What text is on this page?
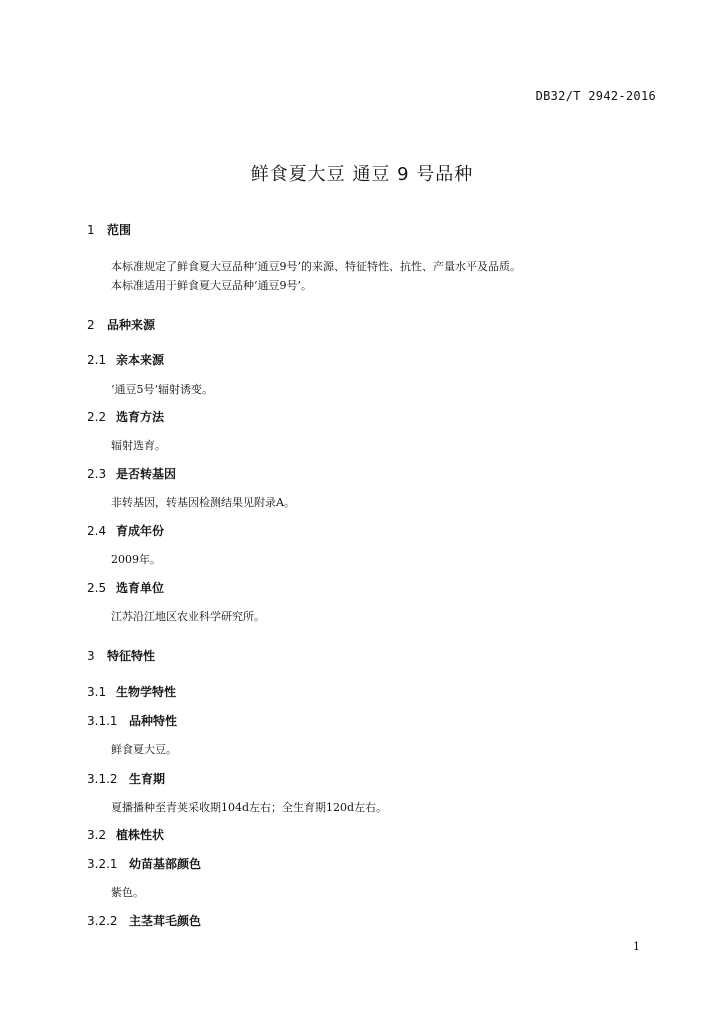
DB32/T 2942-2016
鲜食夏大豆 通豆 9 号品种
1 范围
本标准规定了鲜食夏大豆品种‘通豆9号’的来源、特征特性、抗性、产量水平及品质。
本标准适用于鲜食夏大豆品种‘通豆9号’。
2 品种来源
2.1 亲本来源
‘通豆5号’辐射诱变。
2.2 选育方法
辐射选育。
2.3 是否转基因
非转基因，转基因检测结果见附录A。
2.4 育成年份
2009年。
2.5 选育单位
江苏沿江地区农业科学研究所。
3 特征特性
3.1 生物学特性
3.1.1 品种特性
鲜食夏大豆。
3.1.2 生育期
夏播播种至青荚采收期104d左右；全生育期120d左右。
3.2 植株性状
3.2.1 幼苗基部颜色
紫色。
3.2.2 主茎茸毛颜色
1
